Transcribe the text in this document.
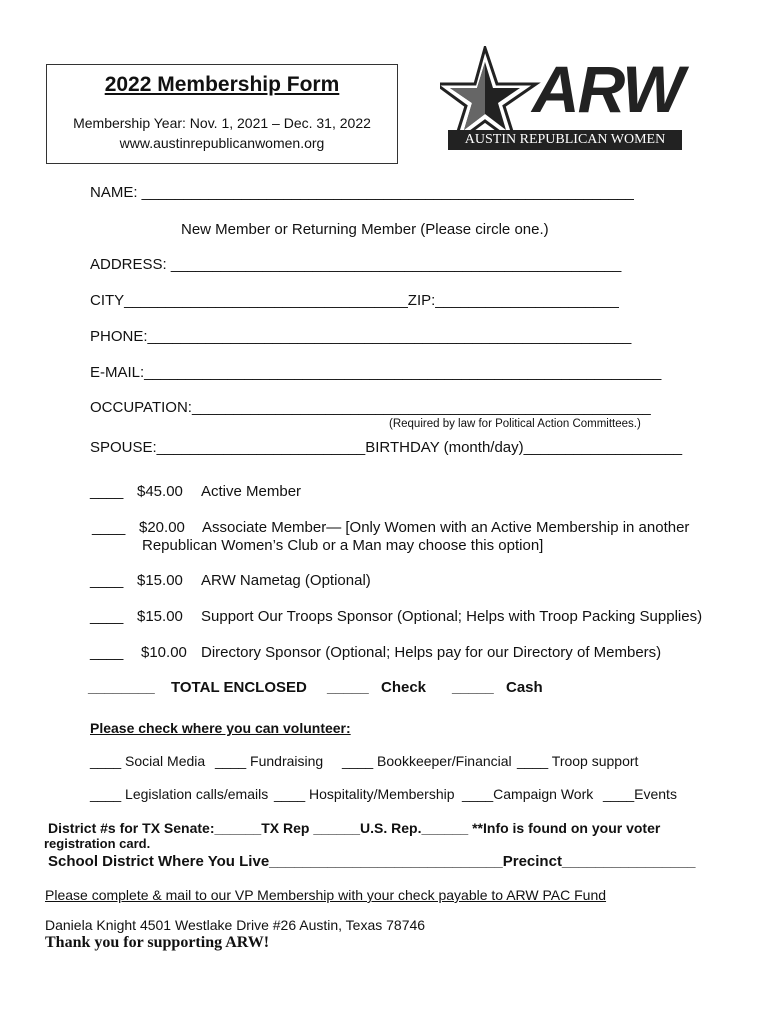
2022 Membership Form
Membership Year: Nov. 1, 2021 – Dec. 31, 2022
www.austinrepublicanwomen.org
ARW
AUSTIN REPUBLICAN WOMEN
NAME: ___________________________________________________________
New Member or Returning Member (Please circle one.)
ADDRESS: ______________________________________________________
CITY__________________________________ZIP:______________________
PHONE:__________________________________________________________
E-MAIL:______________________________________________________________
OCCUPATION:_______________________________________________________
(Required by law for Political Action Committees.)
SPOUSE:_________________________BIRTHDAY (month/day)___________________
____ $45.00 Active Member
____ $20.00 Associate Member— [Only Women with an Active Membership in another
Republican Women’s Club or a Man may choose this option]
____ $15.00 ARW Nametag (Optional)
____ $15.00 Support Our Troops Sponsor (Optional; Helps with Troop Packing Supplies)
____ $10.00 Directory Sponsor (Optional; Helps pay for our Directory of Members)
________ TOTAL ENCLOSED _____ Check _____ Cash
Please check where you can volunteer:
____ Social Media ____ Fundraising ____ Bookkeeper/Financial ____ Troop support
____ Legislation calls/emails ____ Hospitality/Membership ____Campaign Work ____Events
District #s for TX Senate:______TX Rep ______U.S. Rep.______ **Info is found on your voter
registration card.
School District Where You Live____________________________Precinct________________
Please complete & mail to our VP Membership with your check payable to ARW PAC Fund
Daniela Knight 4501 Westlake Drive #26 Austin, Texas 78746
Thank you for supporting ARW!
